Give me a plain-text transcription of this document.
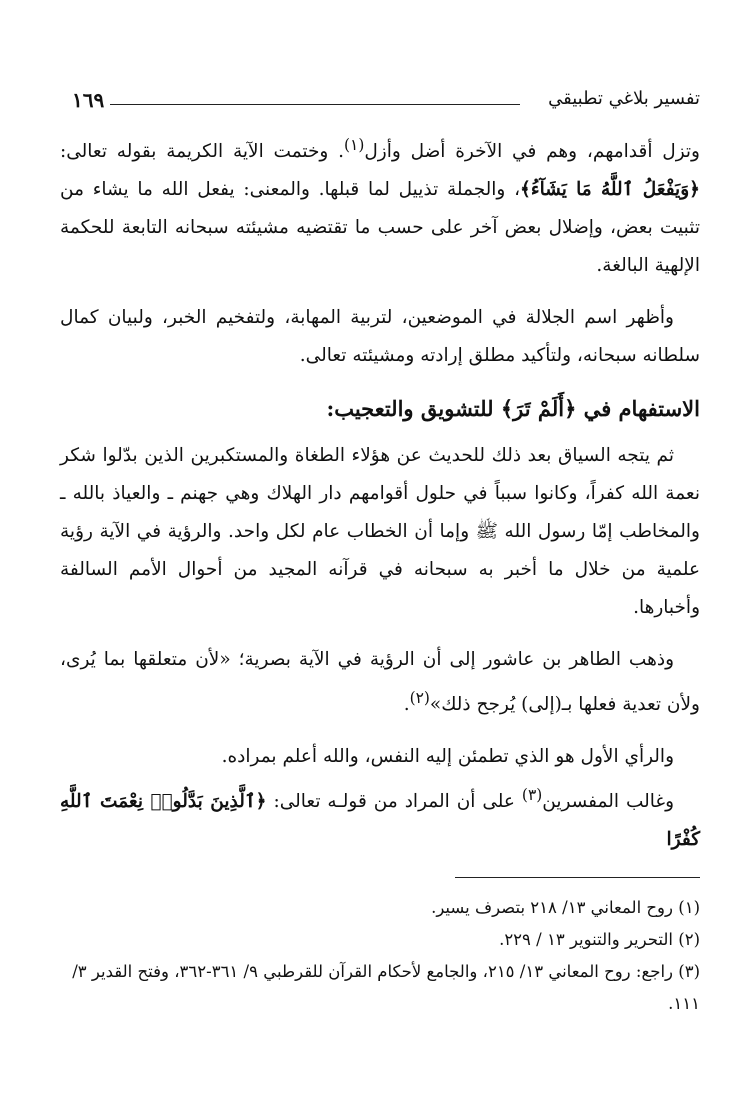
تفسير بلاغي تطبيقي
١٦٩

وتزل أقدامهم، وهم في الآخرة أضل وأزل$^{(١)}$. وختمت الآية الكريمة بقوله تعالى: ﴿وَيَفْعَلُ ٱللَّهُ مَا يَشَآءُ﴾، والجملة تذييل لما قبلها. والمعنى: يفعل الله ما يشاء من تثبيت بعض، وإضلال بعض آخر على حسب ما تقتضيه مشيئته سبحانه التابعة للحكمة الإلهية البالغة.

وأظهر اسم الجلالة في الموضعين، لتربية المهابة، ولتفخيم الخبر، ولبيان كمال سلطانه سبحانه، ولتأكيد مطلق إرادته ومشيئته تعالى.

الاستفهام في ﴿أَلَمْ تَرَ﴾ للتشويق والتعجيب:

ثم يتجه السياق بعد ذلك للحديث عن هؤلاء الطغاة والمستكبرين الذين بدّلوا شكر نعمة الله كفراً، وكانوا سبباً في حلول أقوامهم دار الهلاك وهي جهنم ـ والعياذ بالله ـ والمخاطب إمّا رسول الله ﷺ وإما أن الخطاب عام لكل واحد. والرؤية في الآية رؤية علمية من خلال ما أخبر به سبحانه في قرآنه المجيد من أحوال الأمم السالفة وأخبارها.

وذهب الطاهر بن عاشور إلى أن الرؤية في الآية بصرية؛ «لأن متعلقها بما يُرى، ولأن تعدية فعلها بـ(إلى) يُرجح ذلك»$^{(٢)}$.

والرأي الأول هو الذي تطمئن إليه النفس، والله أعلم بمراده.

وغالب المفسرين$^{(٣)}$ على أن المراد من قولـه تعالى: ﴿ٱلَّذِينَ بَدَّلُوا۟ نِعْمَتَ ٱللَّهِ كُفْرًا

(١) روح المعاني ١٣/ ٢١٨ بتصرف يسير.

(٢) التحرير والتنوير ١٣ / ٢٢٩.

(٣) راجع: روح المعاني ١٣/ ٢١٥، والجامع لأحكام القرآن للقرطبي ٩/ ٣٦١-٣٦٢، وفتح القدير ٣/ ١١١.
